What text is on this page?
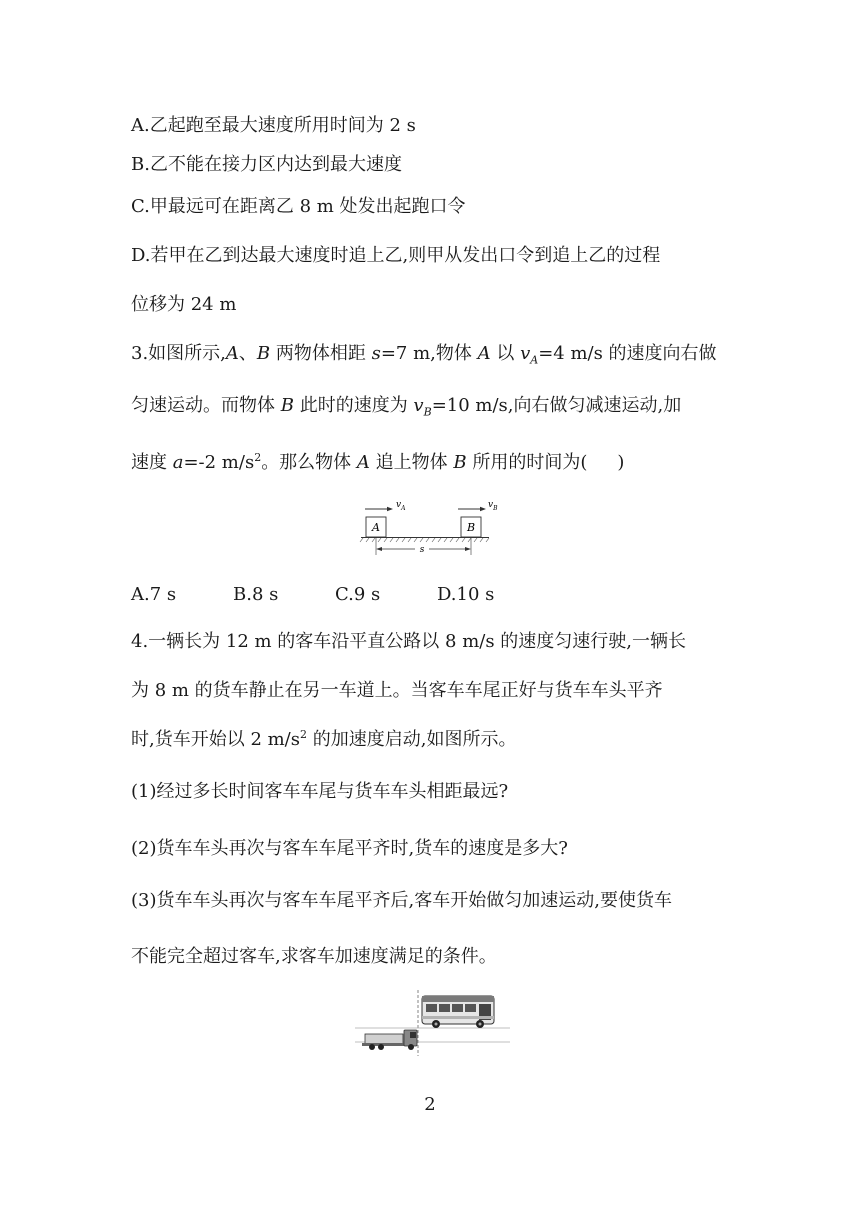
A.乙起跑至最大速度所用时间为 2 s
B.乙不能在接力区内达到最大速度
C.甲最远可在距离乙 8 m 处发出起跑口令
D.若甲在乙到达最大速度时追上乙,则甲从发出口令到追上乙的过程
位移为 24 m
3.如图所示,A、B 两物体相距 s=7 m,物体 A 以 $v_A=4$ m/s 的速度向右做
匀速运动。而物体 B 此时的速度为 $v_B=10$ m/s,向右做匀减速运动,加
速度 a=-2 $m/s^2$。那么物体 A 追上物体 B 所用的时间为( )
$v_A$	$v_B$
A	B
s
A.7 s	B.8 s	C.9 s	D.10 s
4.一辆长为 12 m 的客车沿平直公路以 8 m/s 的速度匀速行驶,一辆长
为 8 m 的货车静止在另一车道上。当客车车尾正好与货车车头平齐
时,货车开始以 2 $m/s^2$ 的加速度启动,如图所示。
(1)经过多长时间客车车尾与货车车头相距最远?
(2)货车车头再次与客车车尾平齐时,货车的速度是多大?
(3)货车车头再次与客车车尾平齐后,客车开始做匀加速运动,要使货车
不能完全超过客车,求客车加速度满足的条件。
2
